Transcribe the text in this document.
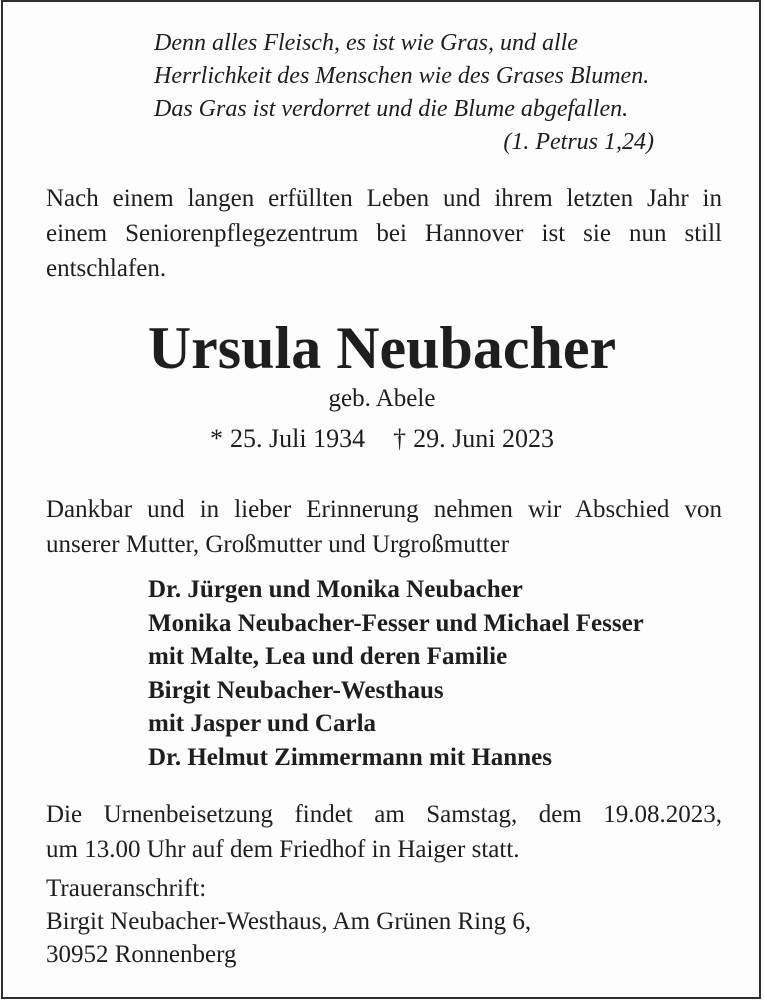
Denn alles Fleisch, es ist wie Gras, und alle
Herrlichkeit des Menschen wie des Grases Blumen.
Das Gras ist verdorret und die Blume abgefallen.
(1. Petrus 1,24)
Nach einem langen erfüllten Leben und ihrem letzten Jahr in
einem Seniorenpflegezentrum bei Hannover ist sie nun still
entschlafen.
Ursula Neubacher
geb. Abele
* 25. Juli 1934 † 29. Juni 2023
Dankbar und in lieber Erinnerung nehmen wir Abschied von
unserer Mutter, Großmutter und Urgroßmutter
Dr. Jürgen und Monika Neubacher
Monika Neubacher-Fesser und Michael Fesser
mit Malte, Lea und deren Familie
Birgit Neubacher-Westhaus
mit Jasper und Carla
Dr. Helmut Zimmermann mit Hannes
Die Urnenbeisetzung findet am Samstag, dem 19.08.2023,
um 13.00 Uhr auf dem Friedhof in Haiger statt.
Traueranschrift:
Birgit Neubacher-Westhaus, Am Grünen Ring 6,
30952 Ronnenberg
